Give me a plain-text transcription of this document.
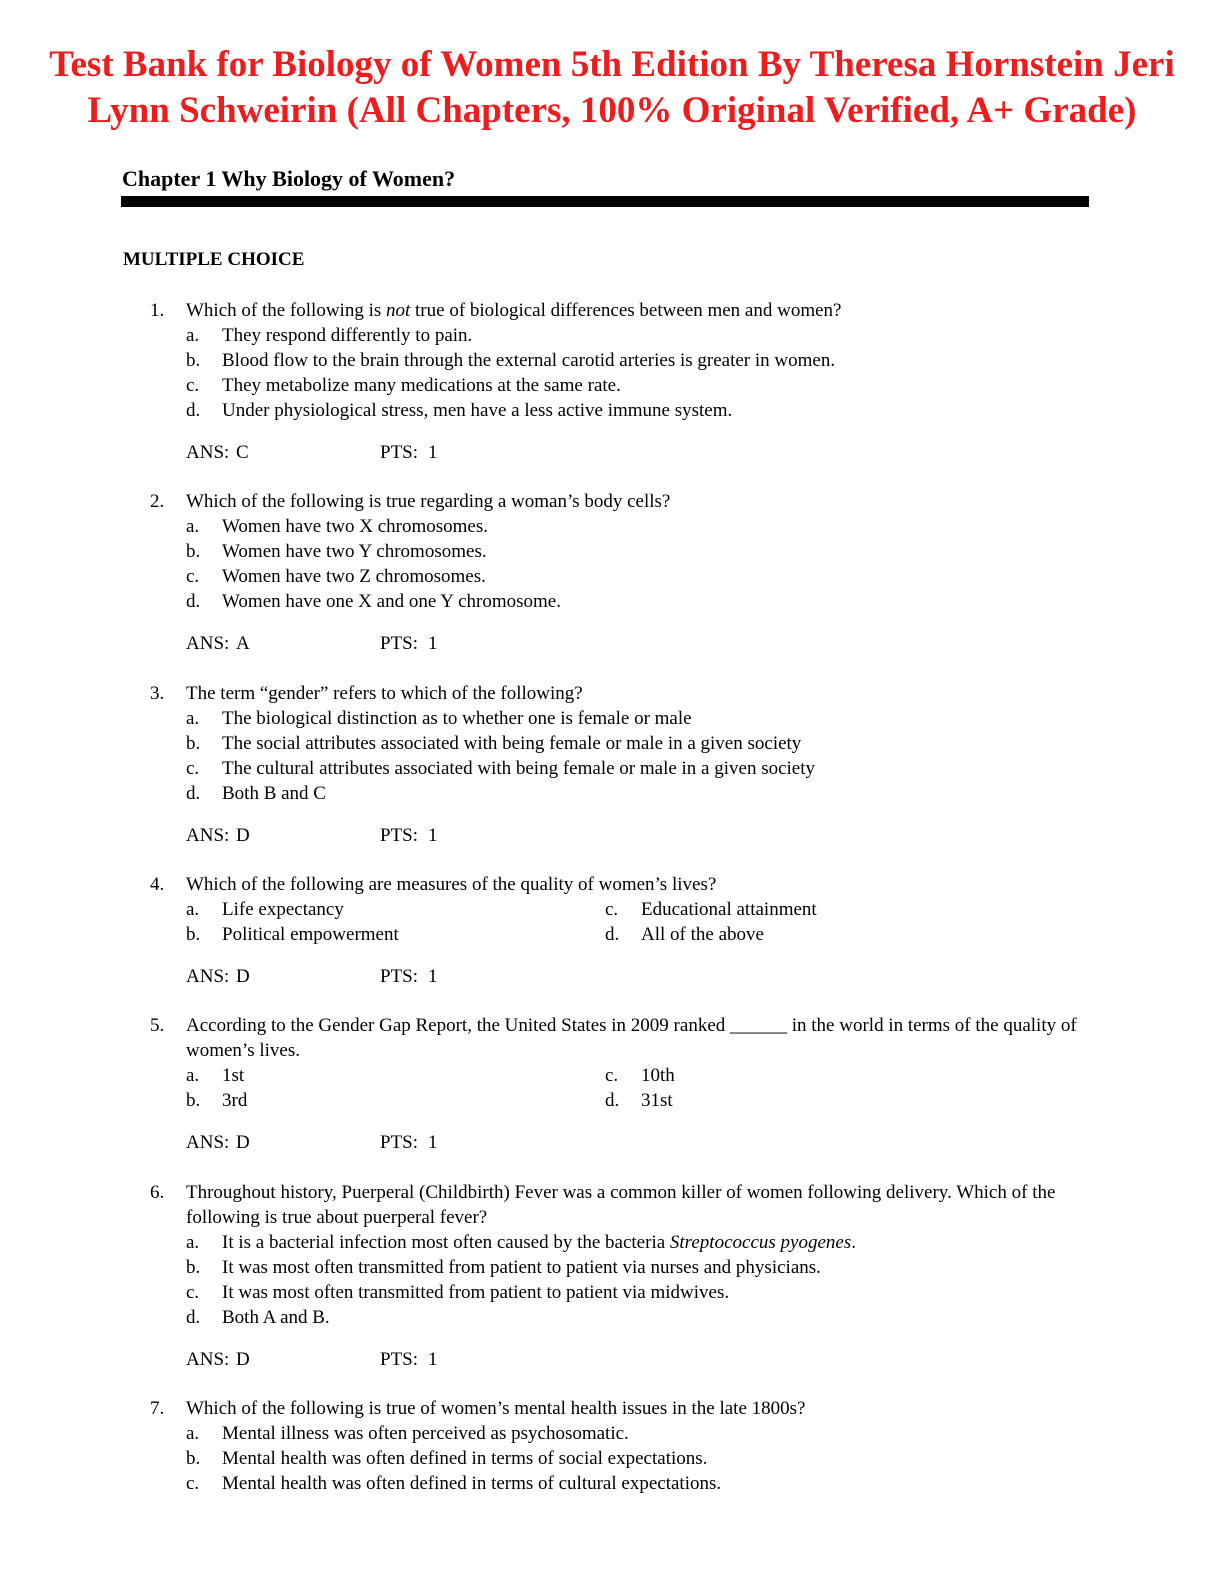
Test Bank for Biology of Women 5th Edition By Theresa Hornstein Jeri Lynn Schweirin (All Chapters, 100% Original Verified, A+ Grade)
Chapter 1 Why Biology of Women?
MULTIPLE CHOICE
1.	Which of the following is not true of biological differences between men and women?
a.	They respond differently to pain.
b.	Blood flow to the brain through the external carotid arteries is greater in women.
c.	They metabolize many medications at the same rate.
d.	Under physiological stress, men have a less active immune system.
ANS: C	PTS: 1
2.	Which of the following is true regarding a woman’s body cells?
a.	Women have two X chromosomes.
b.	Women have two Y chromosomes.
c.	Women have two Z chromosomes.
d.	Women have one X and one Y chromosome.
ANS: A	PTS: 1
3.	The term “gender” refers to which of the following?
a.	The biological distinction as to whether one is female or male
b.	The social attributes associated with being female or male in a given society
c.	The cultural attributes associated with being female or male in a given society
d.	Both B and C
ANS: D	PTS: 1
4.	Which of the following are measures of the quality of women’s lives?
a.	Life expectancy	c.	Educational attainment
b.	Political empowerment	d.	All of the above
ANS: D	PTS: 1
5.	According to the Gender Gap Report, the United States in 2009 ranked ______ in the world in terms of the quality of women’s lives.
a.	1st	c.	10th
b.	3rd	d.	31st
ANS: D	PTS: 1
6.	Throughout history, Puerperal (Childbirth) Fever was a common killer of women following delivery. Which of the following is true about puerperal fever?
a.	It is a bacterial infection most often caused by the bacteria Streptococcus pyogenes.
b.	It was most often transmitted from patient to patient via nurses and physicians.
c.	It was most often transmitted from patient to patient via midwives.
d.	Both A and B.
ANS: D	PTS: 1
7.	Which of the following is true of women’s mental health issues in the late 1800s?
a.	Mental illness was often perceived as psychosomatic.
b.	Mental health was often defined in terms of social expectations.
c.	Mental health was often defined in terms of cultural expectations.
